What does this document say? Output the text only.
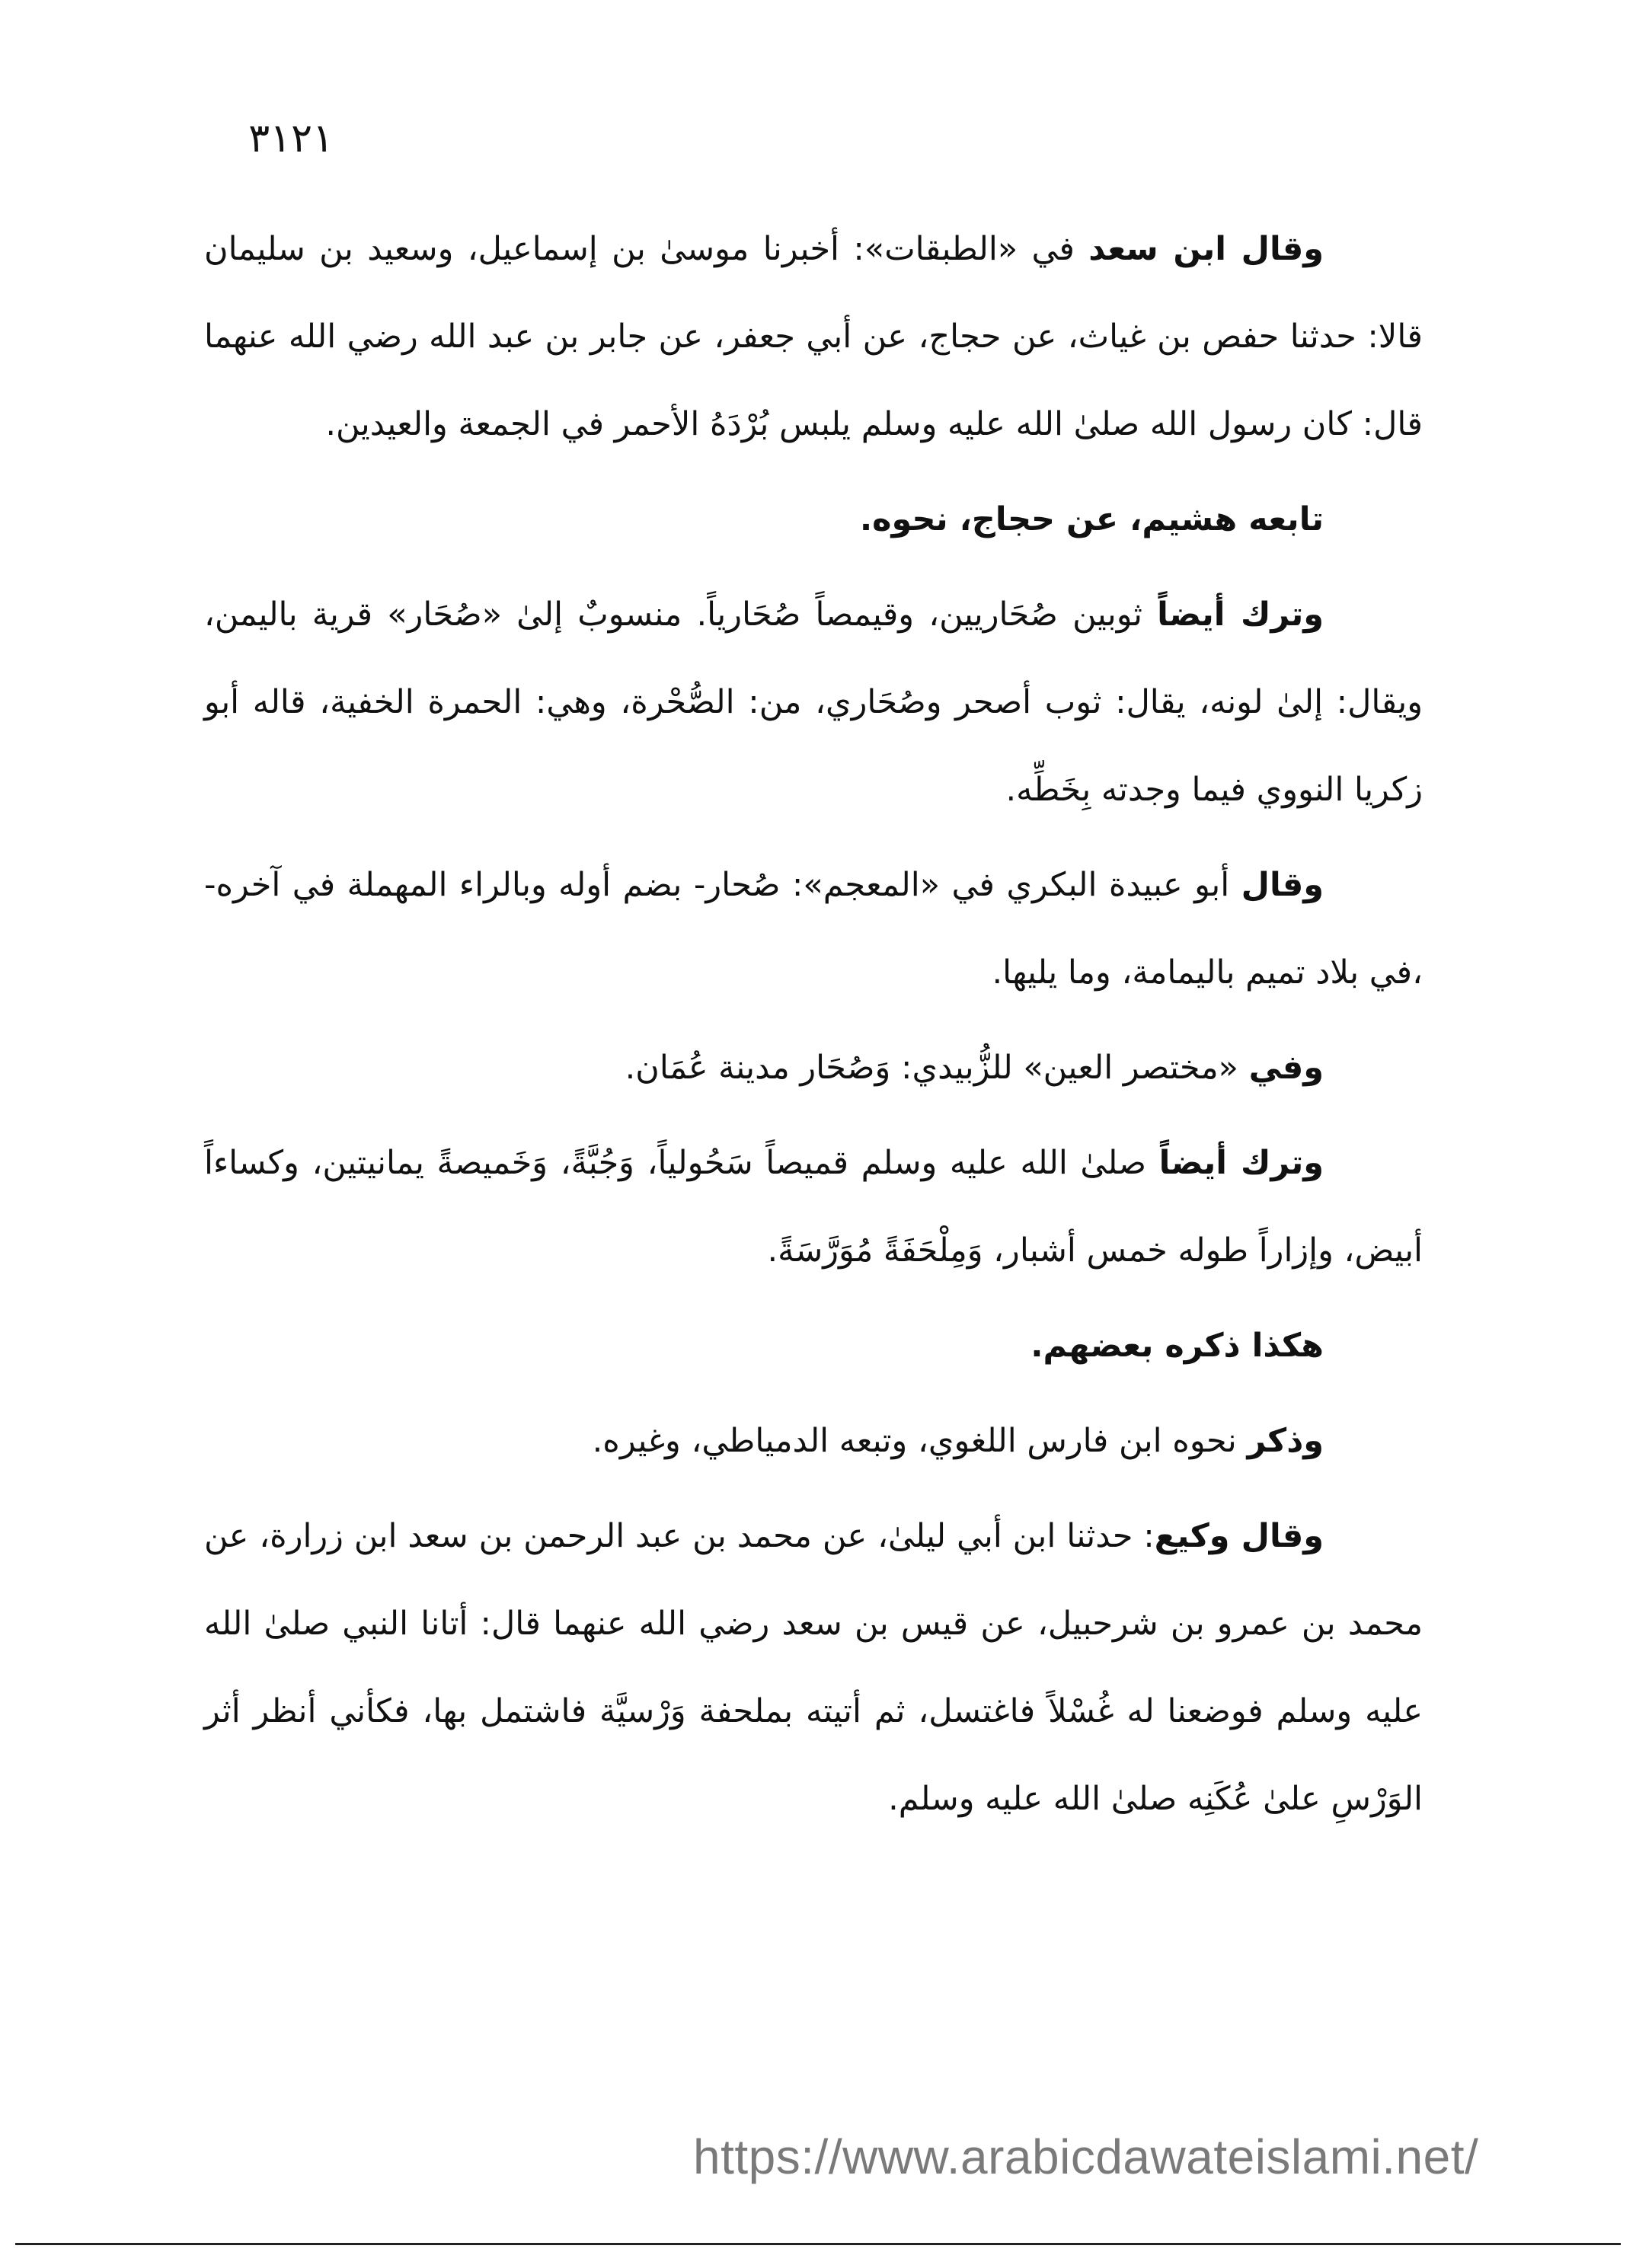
٣١٢١

وقال ابن سعد في «الطبقات»: أخبرنا موسىٰ بن إسماعيل، وسعيد بن سليمان قالا: حدثنا حفص بن غياث، عن حجاج، عن أبي جعفر، عن جابر بن عبد الله رضي الله عنهما قال: كان رسول الله صلىٰ الله عليه وسلم يلبس بُرْدَهُ الأحمر في الجمعة والعيدين.

تابعه هشيم، عن حجاج، نحوه.

وترك أيضاً ثوبين صُحَاريين، وقيمصاً صُحَارياً. منسوبٌ إلىٰ «صُحَار» قرية باليمن، ويقال: إلىٰ لونه، يقال: ثوب أصحر وصُحَاري، من: الصُّحْرة، وهي: الحمرة الخفية، قاله أبو زكريا النووي فيما وجدته بِخَطِّه.

وقال أبو عبيدة البكري في «المعجم»: صُحار- بضم أوله وبالراء المهملة في آخره- ،في بلاد تميم باليمامة، وما يليها.

وفي «مختصر العين» للزُّبيدي: وَصُحَار مدينة عُمَان.

وترك أيضاً صلىٰ الله عليه وسلم قميصاً سَحُولياً، وَجُبَّةً، وَخَميصةً يمانيتين، وكساءاً أبيض، وإزاراً طوله خمس أشبار، وَمِلْحَفَةً مُوَرَّسَةً.

هكذا ذكره بعضهم.

وذكر نحوه ابن فارس اللغوي، وتبعه الدمياطي، وغيره.

وقال وكيع: حدثنا ابن أبي ليلىٰ، عن محمد بن عبد الرحمن بن سعد ابن زرارة، عن محمد بن عمرو بن شرحبيل، عن قيس بن سعد رضي الله عنهما قال: أتانا النبي صلىٰ الله عليه وسلم فوضعنا له غُسْلاً فاغتسل، ثم أتيته بملحفة وَرْسيَّة فاشتمل بها، فكأني أنظر أثر الوَرْسِ علىٰ عُكَنِه صلىٰ الله عليه وسلم.

https://www.arabicdawateislami.net/
